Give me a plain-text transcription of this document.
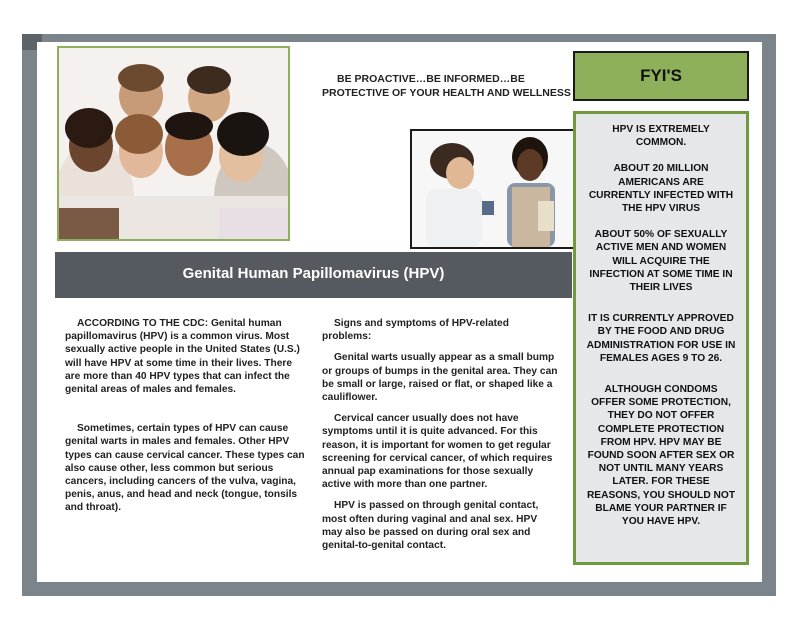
BE PROACTIVE…BE INFORMED…BE
PROTECTIVE OF YOUR HEALTH AND WELLNESS
Genital Human Papillomavirus (HPV)
FYI'S

HPV IS EXTREMELY COMMON.

ABOUT 20 MILLION AMERICANS ARE CURRENTLY INFECTED WITH THE HPV VIRUS

ABOUT 50% OF SEXUALLY ACTIVE MEN AND WOMEN WILL ACQUIRE THE INFECTION AT SOME TIME IN THEIR LIVES

IT IS CURRENTLY APPROVED BY THE FOOD AND DRUG ADMINISTRATION FOR USE IN FEMALES AGES 9 TO 26.

ALTHOUGH CONDOMS OFFER SOME PROTECTION, THEY DO NOT OFFER COMPLETE PROTECTION FROM HPV. HPV MAY BE FOUND SOON AFTER SEX OR NOT UNTIL MANY YEARS LATER. FOR THESE REASONS, YOU SHOULD NOT BLAME YOUR PARTNER IF YOU HAVE HPV.

ACCORDING TO THE CDC: Genital human papillomavirus (HPV) is a common virus. Most sexually active people in the United States (U.S.) will have HPV at some time in their lives. There are more than 40 HPV types that can infect the genital areas of males and females.

Sometimes, certain types of HPV can cause genital warts in males and females. Other HPV types can cause cervical cancer. These types can also cause other, less common but serious cancers, including cancers of the vulva, vagina, penis, anus, and head and neck (tongue, tonsils and throat).

Signs and symptoms of HPV-related problems:

Genital warts usually appear as a small bump or groups of bumps in the genital area. They can be small or large, raised or flat, or shaped like a cauliflower.

Cervical cancer usually does not have symptoms until it is quite advanced. For this reason, it is important for women to get regular screening for cervical cancer, of which requires annual pap examinations for those sexually active with more than one partner.

HPV is passed on through genital contact, most often during vaginal and anal sex. HPV may also be passed on during oral sex and genital-to-genital contact.
